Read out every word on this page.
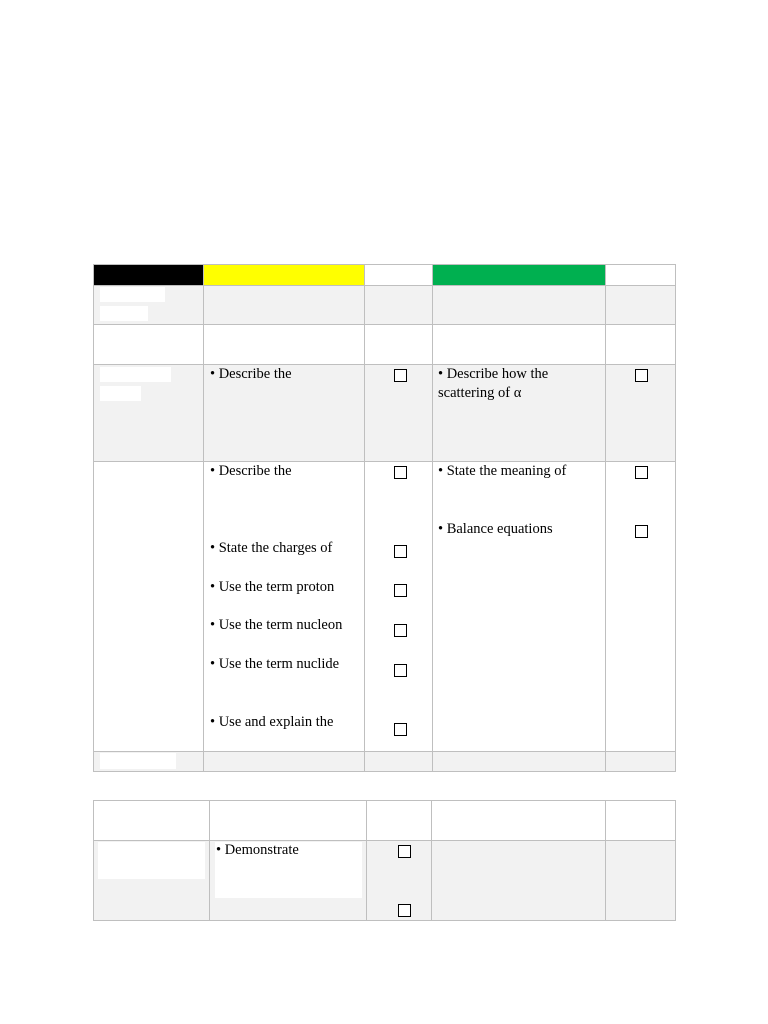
• Describe the	• Describe how the
scattering of α
• Describe the
• State the charges of
• Use the term proton
• Use the term nucleon
• Use the term nuclide
• Use and explain the
• State the meaning of
• Balance equations
• Demonstrate
